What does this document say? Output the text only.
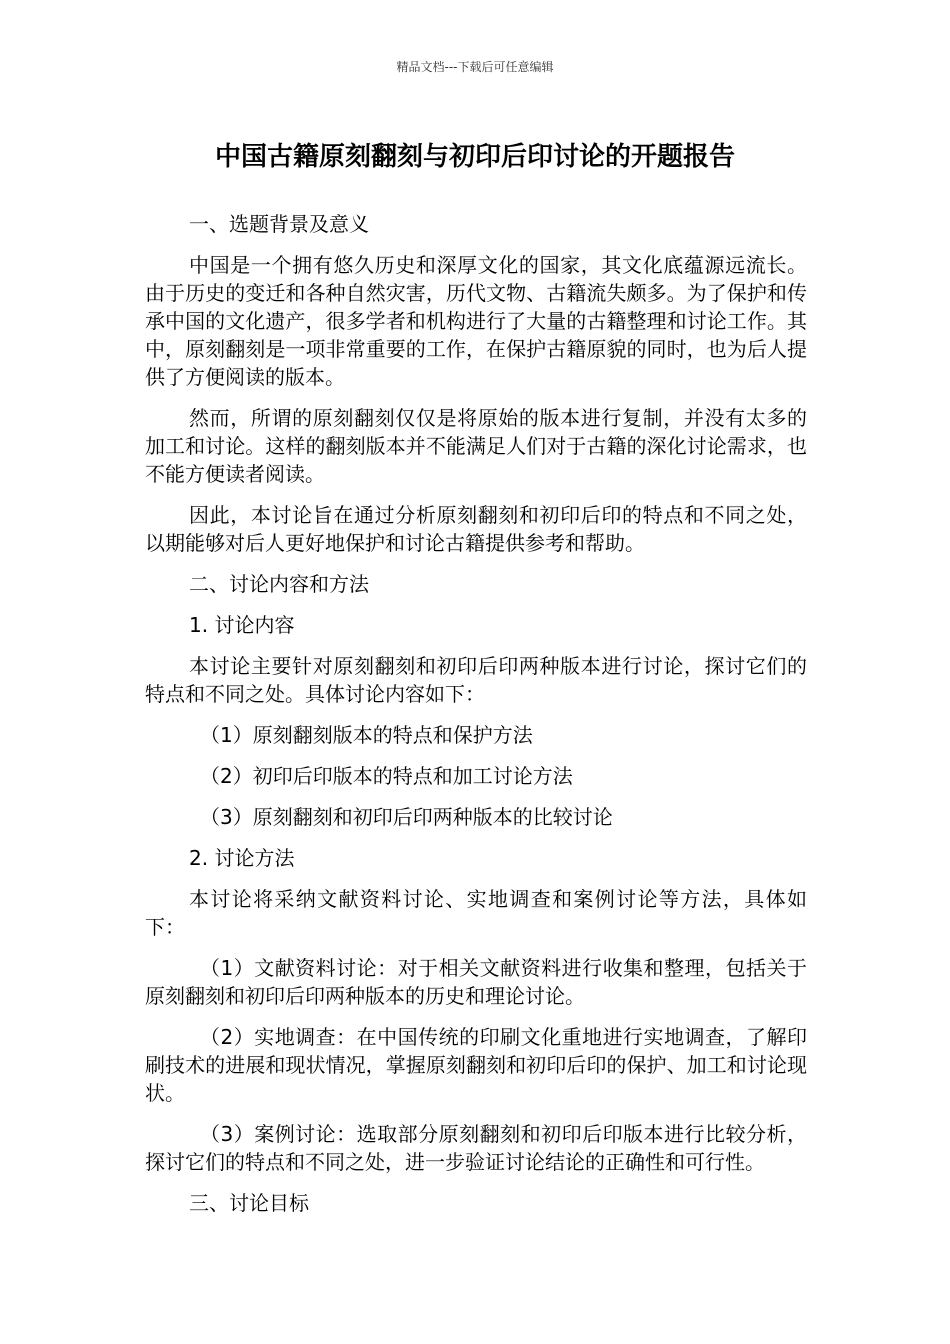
精品文档---下载后可任意编辑
中国古籍原刻翻刻与初印后印讨论的开题报告

一、选题背景及意义

中国是一个拥有悠久历史和深厚文化的国家，其文化底蕴源远流长。由于历史的变迁和各种自然灾害，历代文物、古籍流失颇多。为了保护和传承中国的文化遗产，很多学者和机构进行了大量的古籍整理和讨论工作。其中，原刻翻刻是一项非常重要的工作，在保护古籍原貌的同时，也为后人提供了方便阅读的版本。

然而，所谓的原刻翻刻仅仅是将原始的版本进行复制，并没有太多的加工和讨论。这样的翻刻版本并不能满足人们对于古籍的深化讨论需求，也不能方便读者阅读。

因此，本讨论旨在通过分析原刻翻刻和初印后印的特点和不同之处，以期能够对后人更好地保护和讨论古籍提供参考和帮助。

二、讨论内容和方法

1. 讨论内容

本讨论主要针对原刻翻刻和初印后印两种版本进行讨论，探讨它们的特点和不同之处。具体讨论内容如下：

（1）原刻翻刻版本的特点和保护方法

（2）初印后印版本的特点和加工讨论方法

（3）原刻翻刻和初印后印两种版本的比较讨论

2. 讨论方法

本讨论将采纳文献资料讨论、实地调查和案例讨论等方法，具体如下：

（1）文献资料讨论：对于相关文献资料进行收集和整理，包括关于原刻翻刻和初印后印两种版本的历史和理论讨论。

（2）实地调查：在中国传统的印刷文化重地进行实地调查，了解印刷技术的进展和现状情况，掌握原刻翻刻和初印后印的保护、加工和讨论现状。

（3）案例讨论：选取部分原刻翻刻和初印后印版本进行比较分析，探讨它们的特点和不同之处，进一步验证讨论结论的正确性和可行性。

三、讨论目标
